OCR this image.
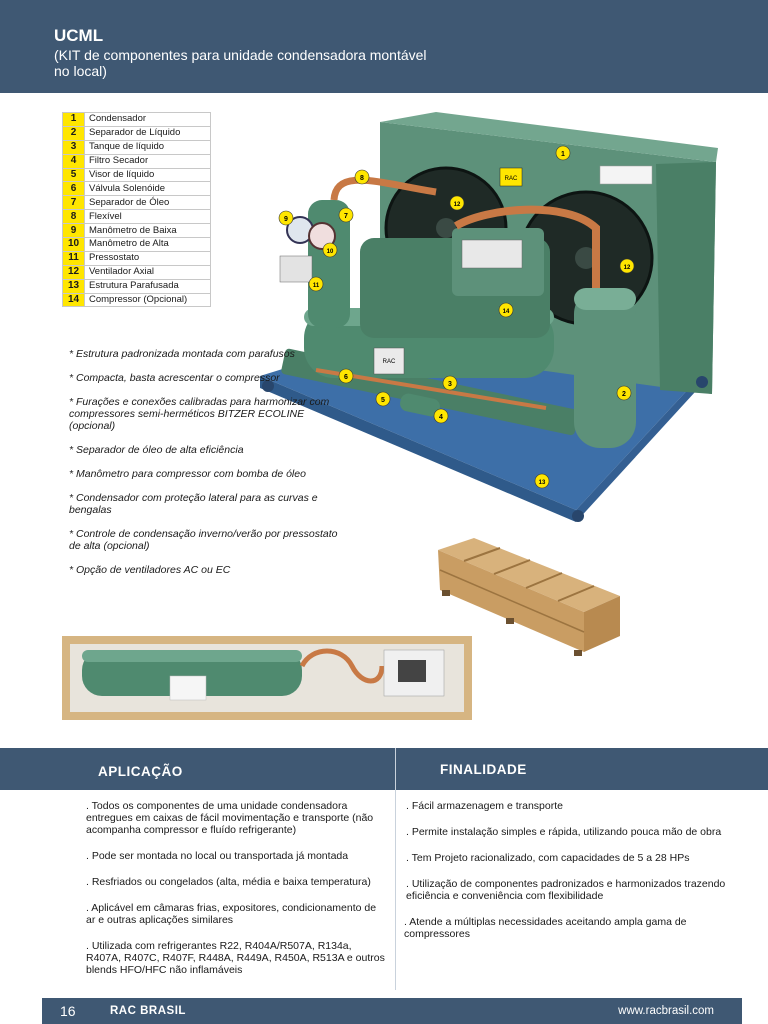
UCML
(KIT de componentes para unidade condensadora montável no local)
1	Condensador
2	Separador de Líquido
3	Tanque de líquido
4	Filtro Secador
5	Visor de líquido
6	Válvula Solenóide
7	Separador de Óleo
8	Flexível
9	Manômetro de Baixa
10	Manômetro de Alta
11	Pressostato
12	Ventilador Axial
13	Estrutura Parafusada
14	Compressor (Opcional)
RAC
RAC
1
2
3
4
5
6
7
8
9
10
11
12
12
13
14
* Estrutura padronizada montada com parafusos
* Compacta, basta acrescentar o compressor
* Furações e conexões calibradas para harmonizar com compressores semi-herméticos BITZER ECOLINE (opcional)
* Separador de óleo de alta eficiência
* Manômetro para compressor com bomba de óleo
* Condensador com proteção lateral para as curvas e bengalas
* Controle de condensação inverno/verão por pressostato de alta (opcional)
* Opção de ventiladores AC ou EC
APLICAÇÃO	FINALIDADE

. Todos os componentes de uma unidade condensadora entregues em caixas de fácil movimentação e transporte (não acompanha compressor e fluído refrigerante)

. Pode ser montada no local ou transportada já montada

. Resfriados ou congelados (alta, média e baixa temperatura)

. Aplicável em câmaras frias, expositores, condicionamento de ar e outras aplicações similares

. Utilizada com refrigerantes R22, R404A/R507A, R134a, R407A, R407C, R407F, R448A, R449A, R450A, R513A e outros blends HFO/HFC não inflamáveis

. Fácil armazenagem e transporte

. Permite instalação simples e rápida, utilizando pouca mão de obra

. Tem Projeto racionalizado, com capacidades de 5 a 28 HPs

. Utilização de componentes padronizados e harmonizados trazendo eficiência e conveniência com flexibilidade

. Atende a múltiplas necessidades aceitando ampla gama de compressores

16	RAC BRASIL	www.racbrasil.com
